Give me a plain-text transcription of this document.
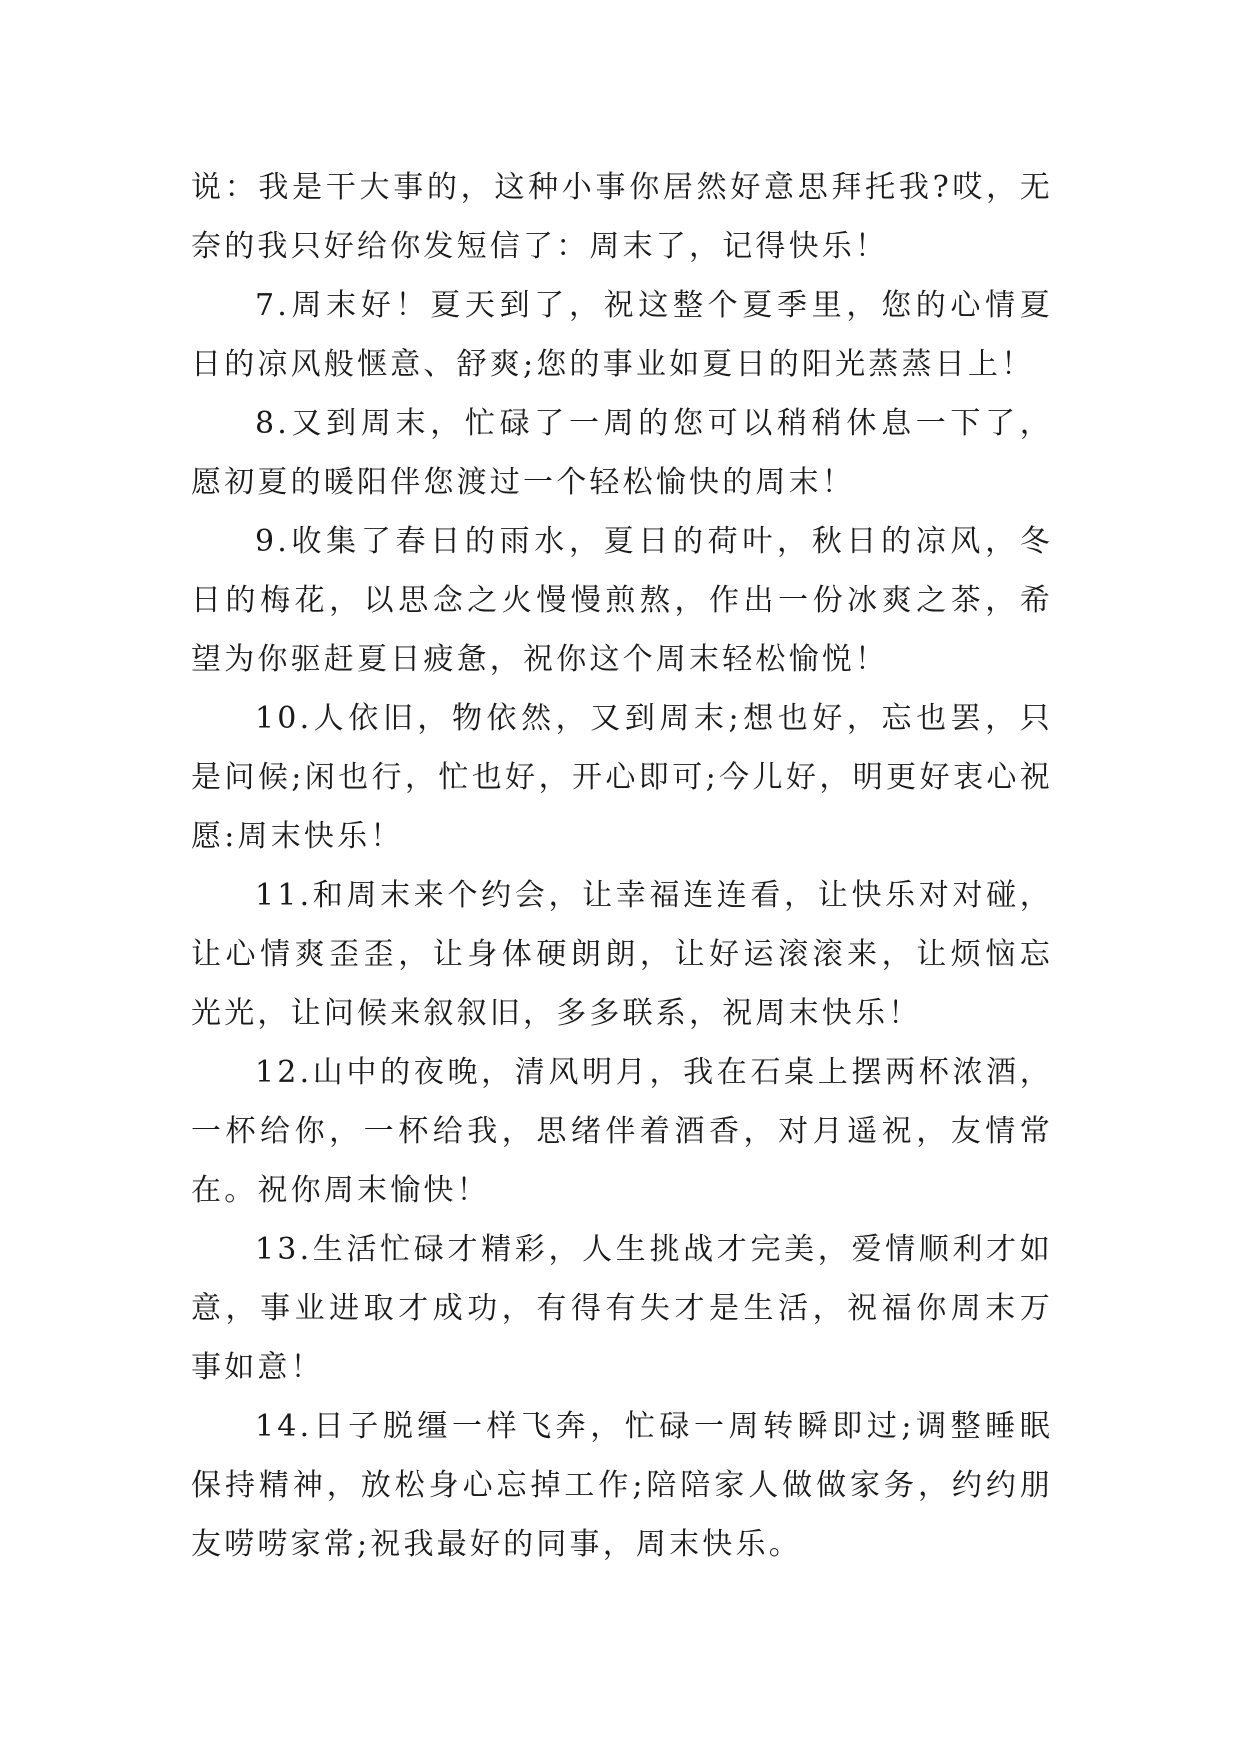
说：我是干大事的，这种小事你居然好意思拜托我?哎，无奈的我只好给你发短信了：周末了，记得快乐！

7.周末好！夏天到了，祝这整个夏季里，您的心情夏日的凉风般惬意、舒爽;您的事业如夏日的阳光蒸蒸日上！

8.又到周末，忙碌了一周的您可以稍稍休息一下了，愿初夏的暖阳伴您渡过一个轻松愉快的周末！

9.收集了春日的雨水，夏日的荷叶，秋日的凉风，冬日的梅花，以思念之火慢慢煎熬，作出一份冰爽之茶，希望为你驱赶夏日疲惫，祝你这个周末轻松愉悦！

10.人依旧，物依然，又到周末;想也好，忘也罢，只是问候;闲也行，忙也好，开心即可;今儿好，明更好衷心祝愿:周末快乐！

11.和周末来个约会，让幸福连连看，让快乐对对碰，让心情爽歪歪，让身体硬朗朗，让好运滚滚来，让烦恼忘光光，让问候来叙叙旧，多多联系，祝周末快乐！

12.山中的夜晚，清风明月，我在石桌上摆两杯浓酒，一杯给你，一杯给我，思绪伴着酒香，对月遥祝，友情常在。祝你周末愉快！

13.生活忙碌才精彩，人生挑战才完美，爱情顺利才如意，事业进取才成功，有得有失才是生活，祝福你周末万事如意！

14.日子脱缰一样飞奔，忙碌一周转瞬即过;调整睡眠保持精神，放松身心忘掉工作;陪陪家人做做家务，约约朋友唠唠家常;祝我最好的同事，周末快乐。
